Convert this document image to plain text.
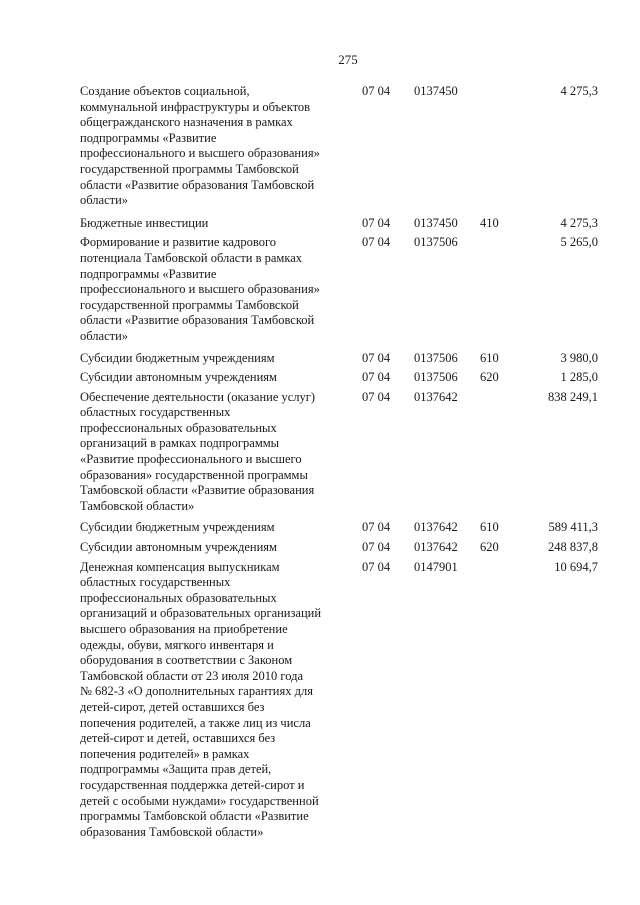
275
Создание объектов социальной,
коммунальной инфраструктуры и объектов
общегражданского назначения в рамках
подпрограммы «Развитие
профессионального и высшего образования»
государственной программы Тамбовской
области «Развитие образования Тамбовской
области»
07 04 0137450	4 275,3
Бюджетные инвестиции	07 04 0137450 410	4 275,3
Формирование и развитие кадрового
потенциала Тамбовской области в рамках
подпрограммы «Развитие
профессионального и высшего образования»
государственной программы Тамбовской
области «Развитие образования Тамбовской
области»
07 04 0137506	5 265,0
Субсидии бюджетным учреждениям	07 04 0137506 610	3 980,0
Субсидии автономным учреждениям	07 04 0137506 620	1 285,0
Обеспечение деятельности (оказание услуг)
областных государственных
профессиональных образовательных
организаций в рамках подпрограммы
«Развитие профессионального и высшего
образования» государственной программы
Тамбовской области «Развитие образования
Тамбовской области»
07 04 0137642	838 249,1
Субсидии бюджетным учреждениям	07 04 0137642 610	589 411,3
Субсидии автономным учреждениям	07 04 0137642 620	248 837,8
Денежная компенсация выпускникам
областных государственных
профессиональных образовательных
организаций и образовательных организаций
высшего образования на приобретение
одежды, обуви, мягкого инвентаря и
оборудования в соответствии с Законом
Тамбовской области от 23 июля 2010 года
№ 682-З «О дополнительных гарантиях для
детей-сирот, детей оставшихся без
попечения родителей, а также лиц из числа
детей-сирот и детей, оставшихся без
попечения родителей» в рамках
подпрограммы «Защита прав детей,
государственная поддержка детей-сирот и
детей с особыми нуждами» государственной
программы Тамбовской области «Развитие
образования Тамбовской области»
07 04 0147901	10 694,7
